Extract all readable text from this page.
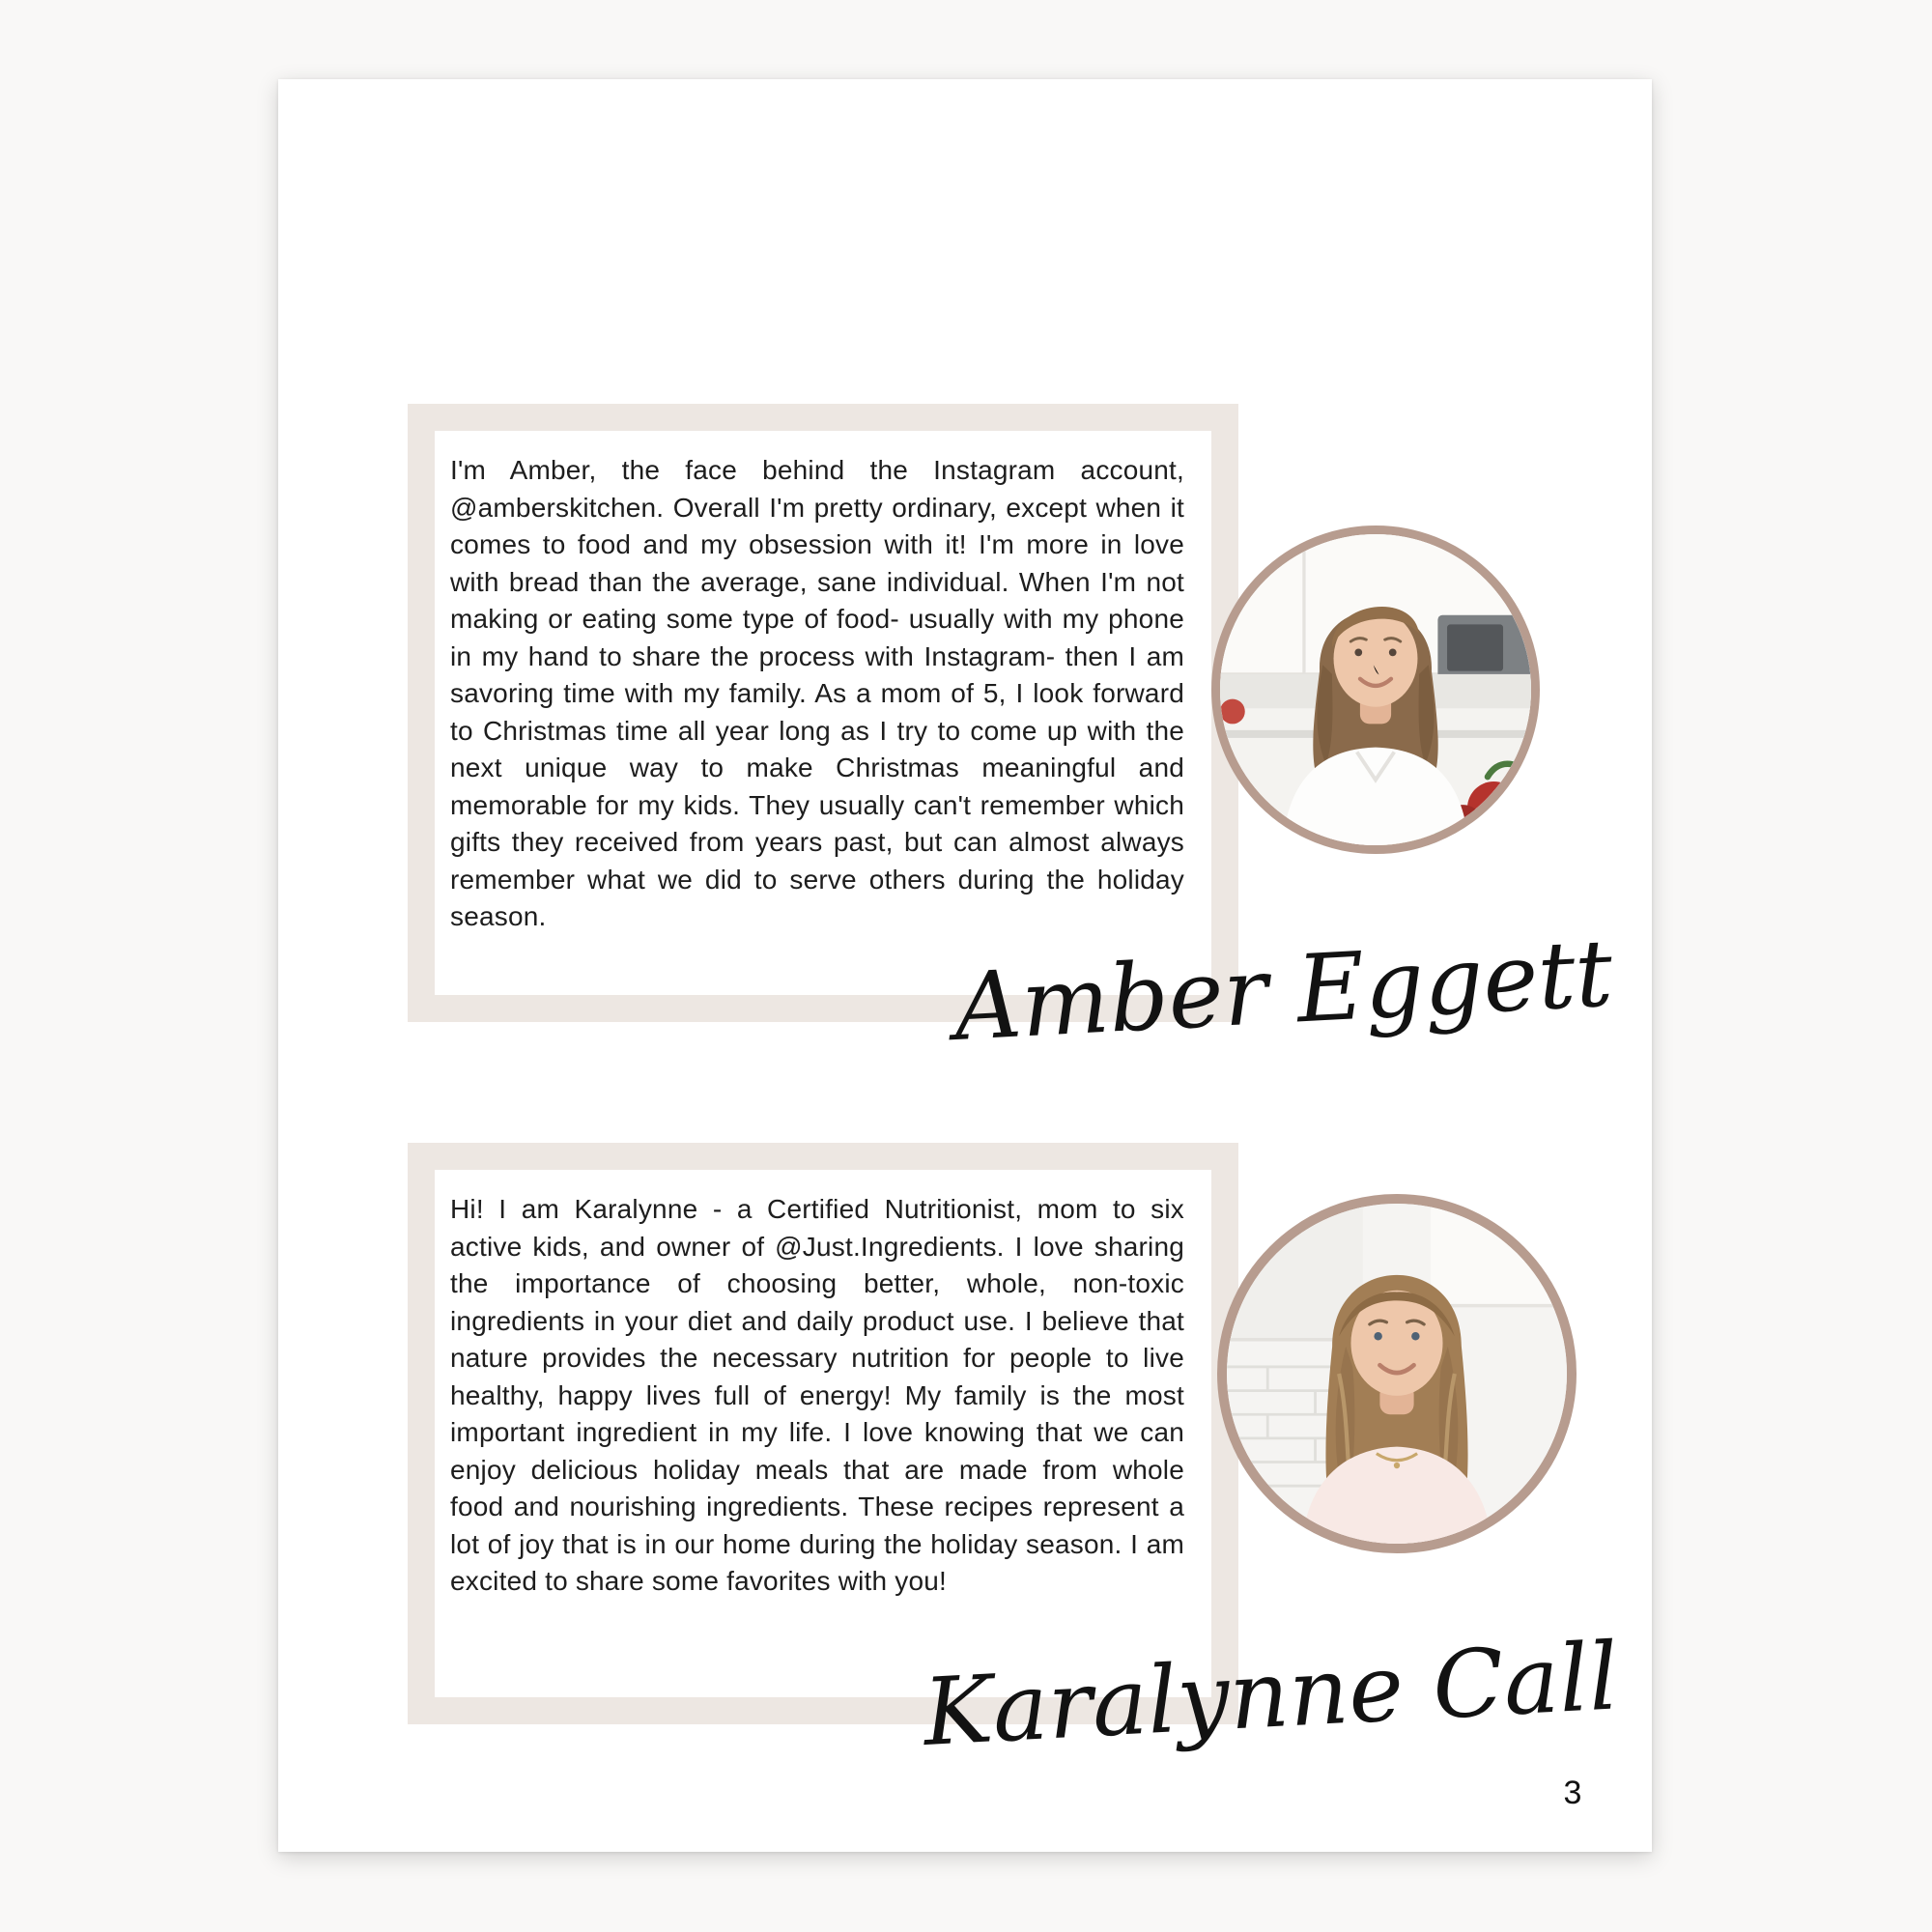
I'm Amber, the face behind the Instagram account, @amberskitchen. Overall I'm pretty ordinary, except when it comes to food and my obsession with it! I'm more in love with bread than the average, sane individual. When I'm not making or eating some type of food- usually with my phone in my hand to share the process with Instagram- then I am savoring time with my family. As a mom of 5, I look forward to Christmas time all year long as I try to come up with the next unique way to make Christmas meaningful and memorable for my kids. They usually can't remember which gifts they received from years past, but can almost always remember what we did to serve others during the holiday season.

Amber Eggett

Hi! I am Karalynne - a Certified Nutritionist, mom to six active kids, and owner of @Just.Ingredients. I love sharing the importance of choosing better, whole, non-toxic ingredients in your diet and daily product use. I believe that nature provides the necessary nutrition for people to live healthy, happy lives full of energy! My family is the most important ingredient in my life. I love knowing that we can enjoy delicious holiday meals that are made from whole food and nourishing ingredients. These recipes represent a lot of joy that is in our home during the holiday season. I am excited to share some favorites with you!

Karalynne Call
3
